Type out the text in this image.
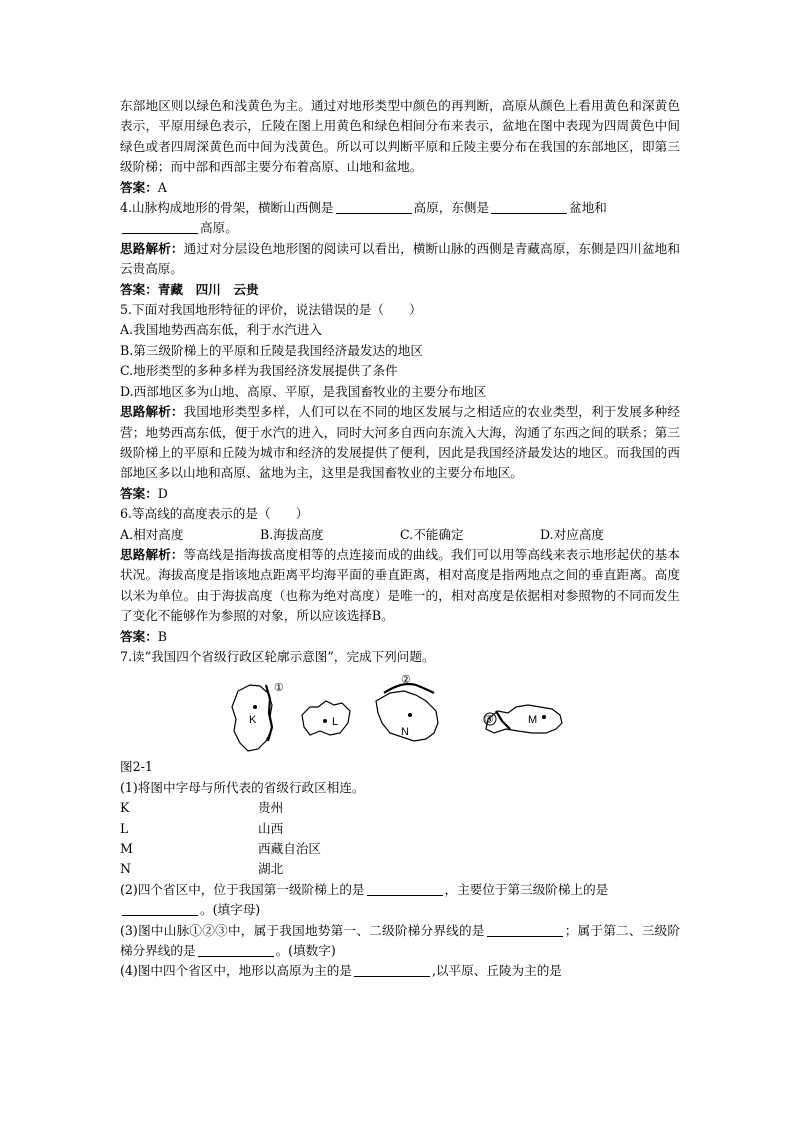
东部地区则以绿色和浅黄色为主。通过对地形类型中颜色的再判断，高原从颜色上看用黄色和深黄色表示，平原用绿色表示，丘陵在图上用黄色和绿色相间分布来表示，盆地在图中表现为四周黄色中间绿色或者四周深黄色而中间为浅黄色。所以可以判断平原和丘陵主要分布在我国的东部地区，即第三级阶梯；而中部和西部主要分布着高原、山地和盆地。

答案：A

4.山脉构成地形的骨架，横断山西侧是	高原，东侧是	盆地和
高原。

思路解析：通过对分层设色地形图的阅读可以看出，横断山脉的西侧是青藏高原，东侧是四川盆地和云贵高原。

答案：青藏　四川　云贵

5.下面对我国地形特征的评价，说法错误的是（　　）

A.我国地势西高东低，利于水汽进入

B.第三级阶梯上的平原和丘陵是我国经济最发达的地区

C.地形类型的多种多样为我国经济发展提供了条件

D.西部地区多为山地、高原、平原，是我国畜牧业的主要分布地区

思路解析：我国地形类型多样，人们可以在不同的地区发展与之相适应的农业类型，利于发展多种经营；地势西高东低，便于水汽的进入，同时大河多自西向东流入大海，沟通了东西之间的联系；第三级阶梯上的平原和丘陵为城市和经济的发展提供了便利，因此是我国经济最发达的地区。而我国的西部地区多以山地和高原、盆地为主，这里是我国畜牧业的主要分布地区。

答案：D

6.等高线的高度表示的是（　　）

A.相对高度	B.海拔高度	C.不能确定	D.对应高度

思路解析：等高线是指海拔高度相等的点连接而成的曲线。我们可以用等高线来表示地形起伏的基本状况。海拔高度是指该地点距离平均海平面的垂直距离，相对高度是指两地点之间的垂直距离。高度以米为单位。由于海拔高度（也称为绝对高度）是唯一的，相对高度是依据相对参照物的不同而发生了变化不能够作为参照的对象，所以应该选择B。

答案：B

7.读“我国四个省级行政区轮廓示意图”，完成下列问题。

①
K	L
②
N
③	M

图2-1

(1)将图中字母与所代表的省级行政区相连。

K	贵州
L	山西
M	西藏自治区
N	湖北

(2)四个省区中，位于我国第一级阶梯上的是	，主要位于第三级阶梯上的是
。(填字母)

(3)图中山脉①②③中，属于我国地势第一、二级阶梯分界线的是	；属于第二、三级阶梯分界线的是	。(填数字)

(4)图中四个省区中，地形以高原为主的是	,以平原、丘陵为主的是
